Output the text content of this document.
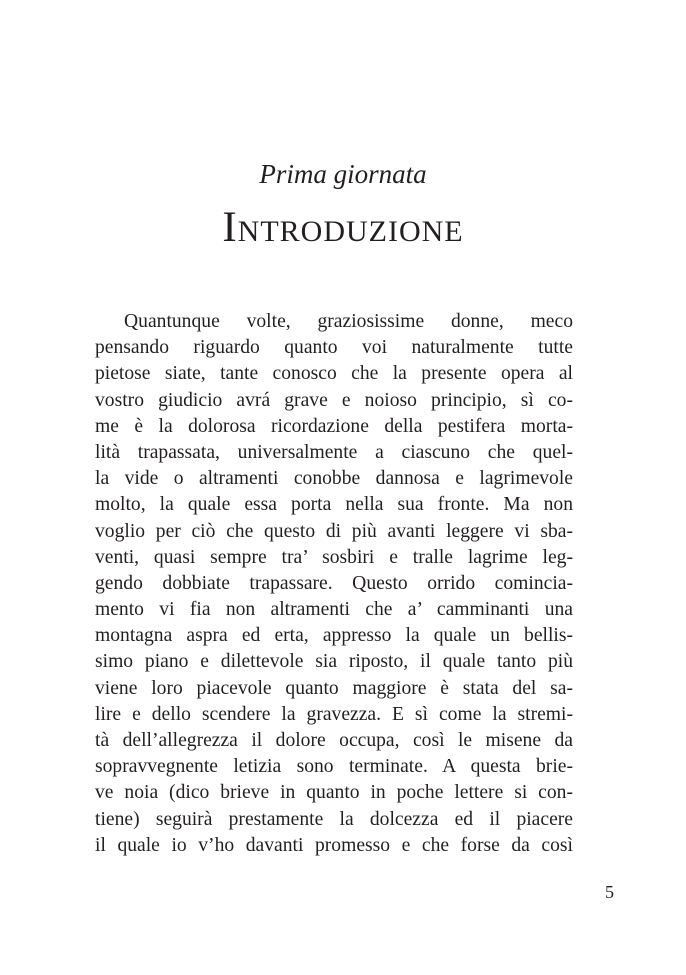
Prima giornata
Introduzione
Quantunque volte, graziosissime donne, meco
pensando riguardo quanto voi naturalmente tutte
pietose siate, tante conosco che la presente opera al
vostro giudicio avrá grave e noioso principio, sì co-
me è la dolorosa ricordazione della pestifera morta-
lità trapassata, universalmente a ciascuno che quel-
la vide o altramenti conobbe dannosa e lagrimevole
molto, la quale essa porta nella sua fronte. Ma non
voglio per ciò che questo di più avanti leggere vi sba-
venti, quasi sempre tra’ sosbiri e tralle lagrime leg-
gendo dobbiate trapassare. Questo orrido comincia-
mento vi fia non altramenti che a’ camminanti una
montagna aspra ed erta, appresso la quale un bellis-
simo piano e dilettevole sia riposto, il quale tanto più
viene loro piacevole quanto maggiore è stata del sa-
lire e dello scendere la gravezza. E sì come la stremi-
tà dell’allegrezza il dolore occupa, così le misene da
sopravvegnente letizia sono terminate. A questa brie-
ve noia (dico brieve in quanto in poche lettere si con-
tiene) seguirà prestamente la dolcezza ed il piacere
il quale io v’ho davanti promesso e che forse da così
5
